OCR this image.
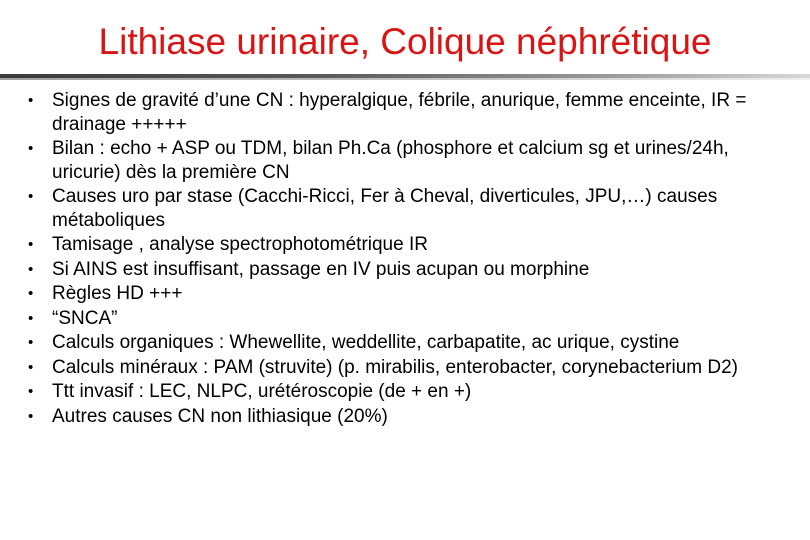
Lithiase urinaire, Colique néphrétique
• Signes de gravité d’une CN : hyperalgique, fébrile, anurique, femme enceinte, IR = drainage +++++
• Bilan : echo + ASP ou TDM, bilan Ph.Ca (phosphore et calcium sg et urines/24h, uricurie) dès la première CN
• Causes uro par stase (Cacchi-Ricci, Fer à Cheval, diverticules, JPU,…) causes métaboliques
• Tamisage , analyse spectrophotométrique IR
• Si AINS est insuffisant, passage en IV puis acupan ou morphine
• Règles HD +++
• “SNCA”
• Calculs organiques : Whewellite, weddellite, carbapatite, ac urique, cystine
• Calculs minéraux : PAM (struvite) (p. mirabilis, enterobacter, corynebacterium D2)
• Ttt invasif : LEC, NLPC, urétéroscopie (de + en +)
• Autres causes CN non lithiasique (20%)
